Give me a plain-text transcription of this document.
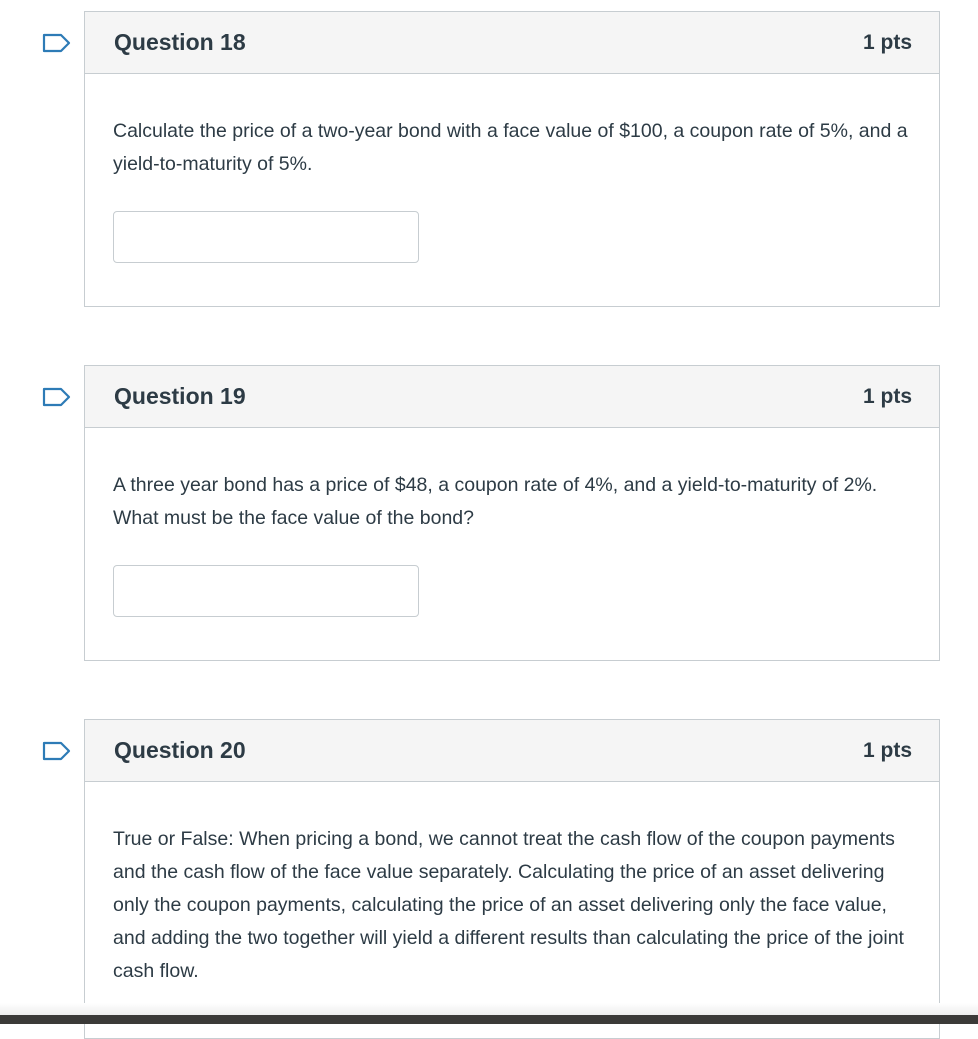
Question 18	1 pts

Calculate the price of a two-year bond with a face value of $100, a coupon rate of 5%, and a yield-to-maturity of 5%.

Question 19	1 pts

A three year bond has a price of $48, a coupon rate of 4%, and a yield-to-maturity of 2%. What must be the face value of the bond?

Question 20	1 pts

True or False: When pricing a bond, we cannot treat the cash flow of the coupon payments and the cash flow of the face value separately. Calculating the price of an asset delivering only the coupon payments, calculating the price of an asset delivering only the face value, and adding the two together will yield a different results than calculating the price of the joint cash flow.
